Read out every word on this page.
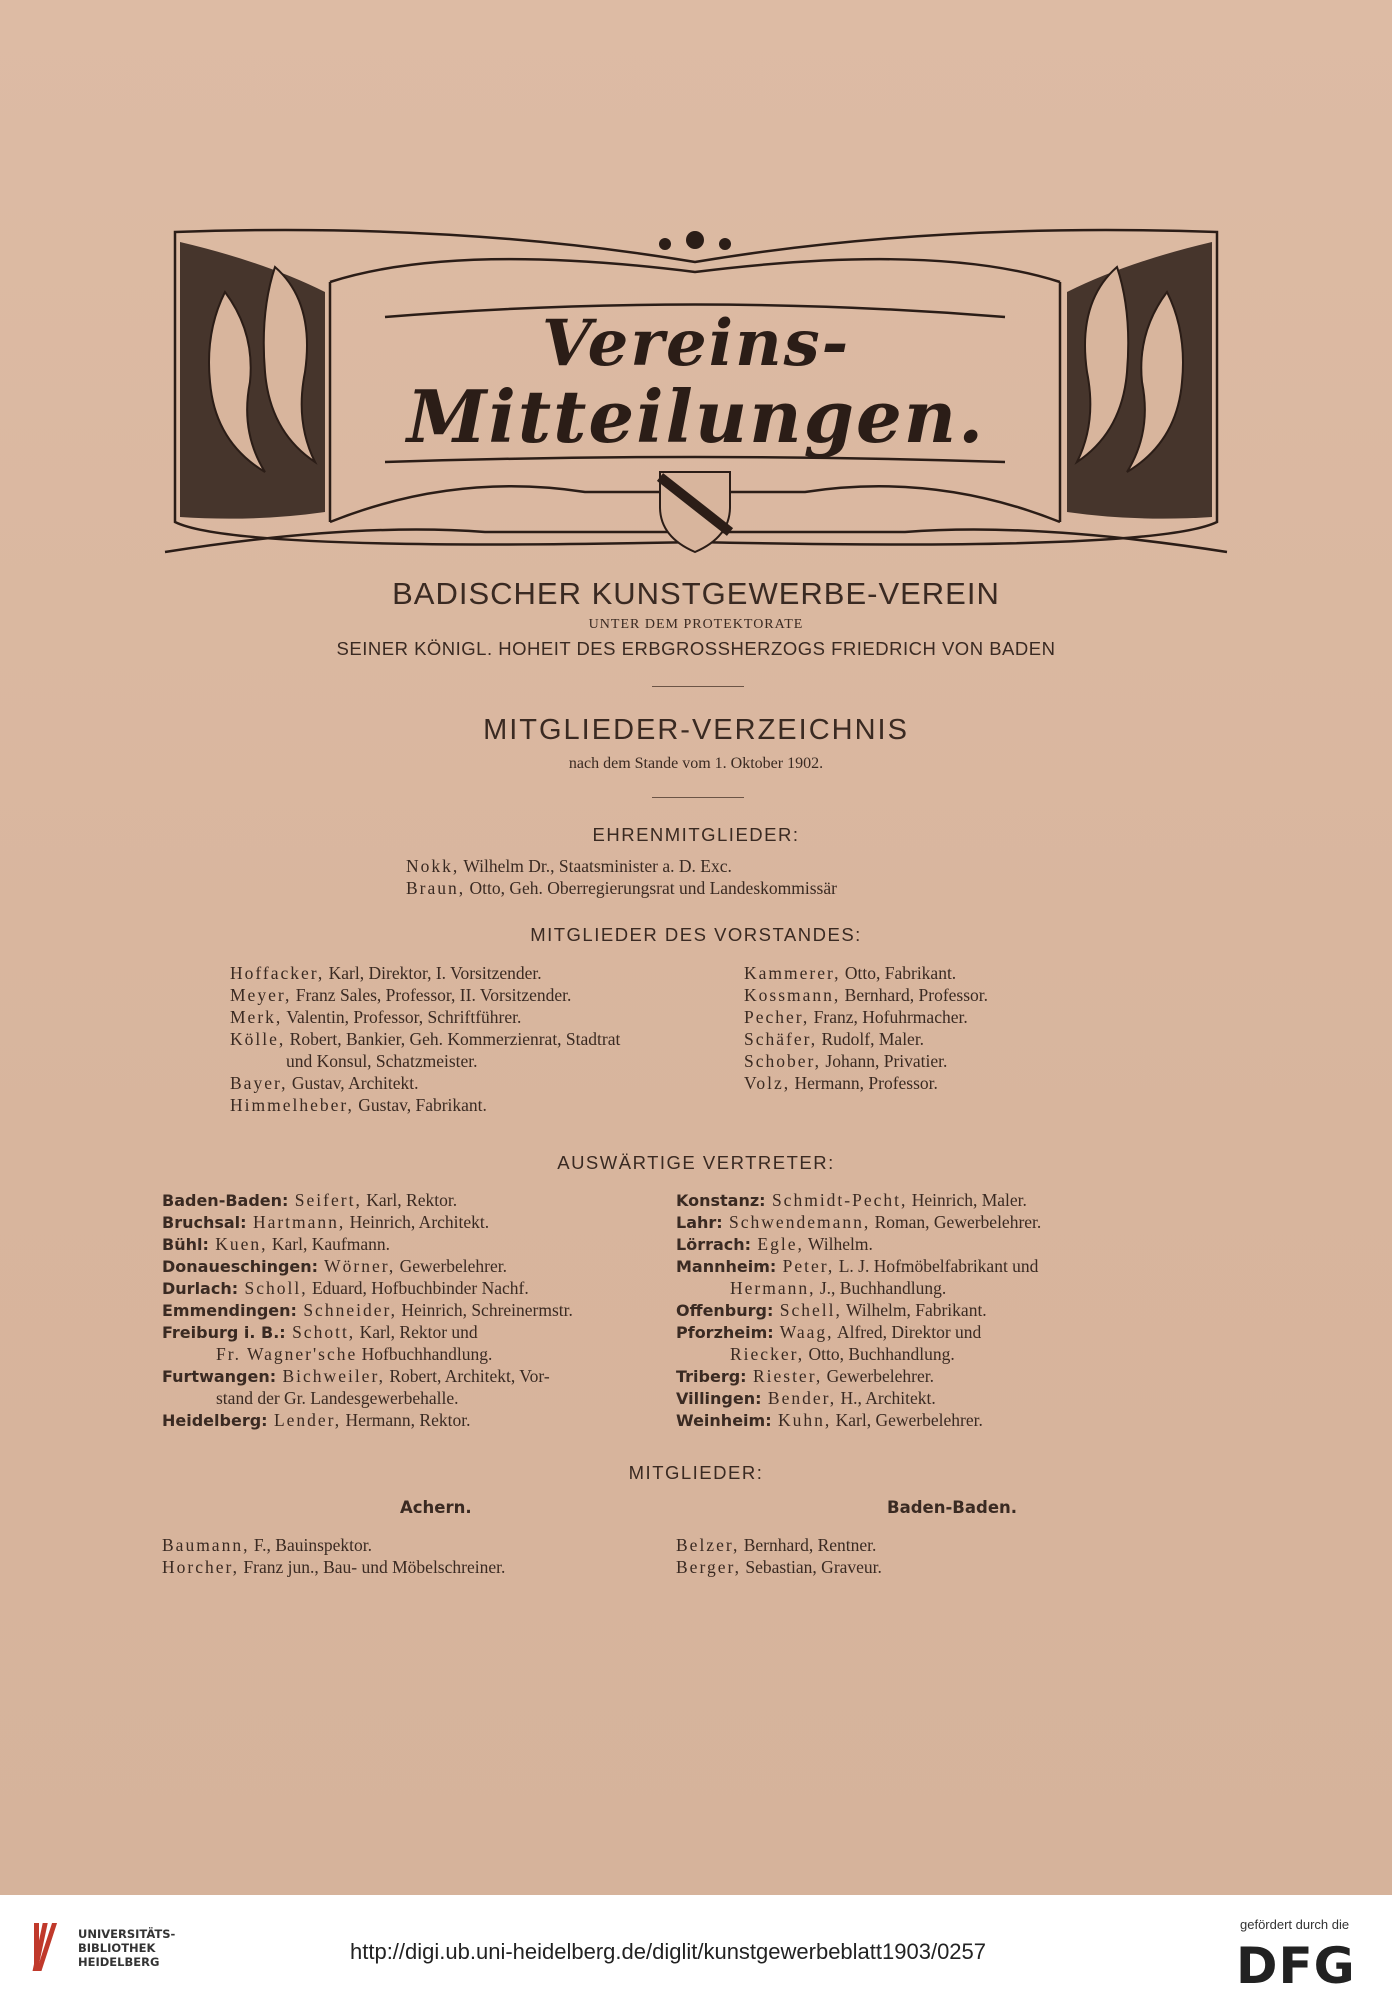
Vereins-
Mitteilungen.
BADISCHER KUNSTGEWERBE-VEREIN
UNTER DEM PROTEKTORATE
SEINER KÖNIGL. HOHEIT DES ERBGROSSHERZOGS FRIEDRICH VON BADEN
MITGLIEDER-VERZEICHNIS
nach dem Stande vom 1. Oktober 1902.
EHRENMITGLIEDER:
Nokk, Wilhelm Dr., Staatsminister a. D. Exc.
Braun, Otto, Geh. Oberregierungsrat und Landeskommissär
MITGLIEDER DES VORSTANDES:
Hoffacker, Karl, Direktor, I. Vorsitzender.
Meyer, Franz Sales, Professor, II. Vorsitzender.
Merk, Valentin, Professor, Schriftführer.
Kölle, Robert, Bankier, Geh. Kommerzienrat, Stadtrat
und Konsul, Schatzmeister.
Bayer, Gustav, Architekt.
Himmelheber, Gustav, Fabrikant.
Kammerer, Otto, Fabrikant.
Kossmann, Bernhard, Professor.
Pecher, Franz, Hofuhrmacher.
Schäfer, Rudolf, Maler.
Schober, Johann, Privatier.
Volz, Hermann, Professor.
AUSWÄRTIGE VERTRETER:
Baden-Baden: Seifert, Karl, Rektor.
Bruchsal: Hartmann, Heinrich, Architekt.
Bühl: Kuen, Karl, Kaufmann.
Donaueschingen: Wörner, Gewerbelehrer.
Durlach: Scholl, Eduard, Hofbuchbinder Nachf.
Emmendingen: Schneider, Heinrich, Schreinermstr.
Freiburg i. B.: Schott, Karl, Rektor und
Fr. Wagner'sche Hofbuchhandlung.
Furtwangen: Bichweiler, Robert, Architekt, Vor-
stand der Gr. Landesgewerbehalle.
Heidelberg: Lender, Hermann, Rektor.
Konstanz: Schmidt-Pecht, Heinrich, Maler.
Lahr: Schwendemann, Roman, Gewerbelehrer.
Lörrach: Egle, Wilhelm.
Mannheim: Peter, L. J. Hofmöbelfabrikant und
Hermann, J., Buchhandlung.
Offenburg: Schell, Wilhelm, Fabrikant.
Pforzheim: Waag, Alfred, Direktor und
Riecker, Otto, Buchhandlung.
Triberg: Riester, Gewerbelehrer.
Villingen: Bender, H., Architekt.
Weinheim: Kuhn, Karl, Gewerbelehrer.
MITGLIEDER:
Achern.	Baden-Baden.
Baumann, F., Bauinspektor.
Horcher, Franz jun., Bau- und Möbelschreiner.
Belzer, Bernhard, Rentner.
Berger, Sebastian, Graveur.
UNIVERSITÄTS-
BIBLIOTHEK
HEIDELBERG	http://digi.ub.uni-heidelberg.de/diglit/kunstgewerbeblatt1903/0257
gefördert durch die
DFG
